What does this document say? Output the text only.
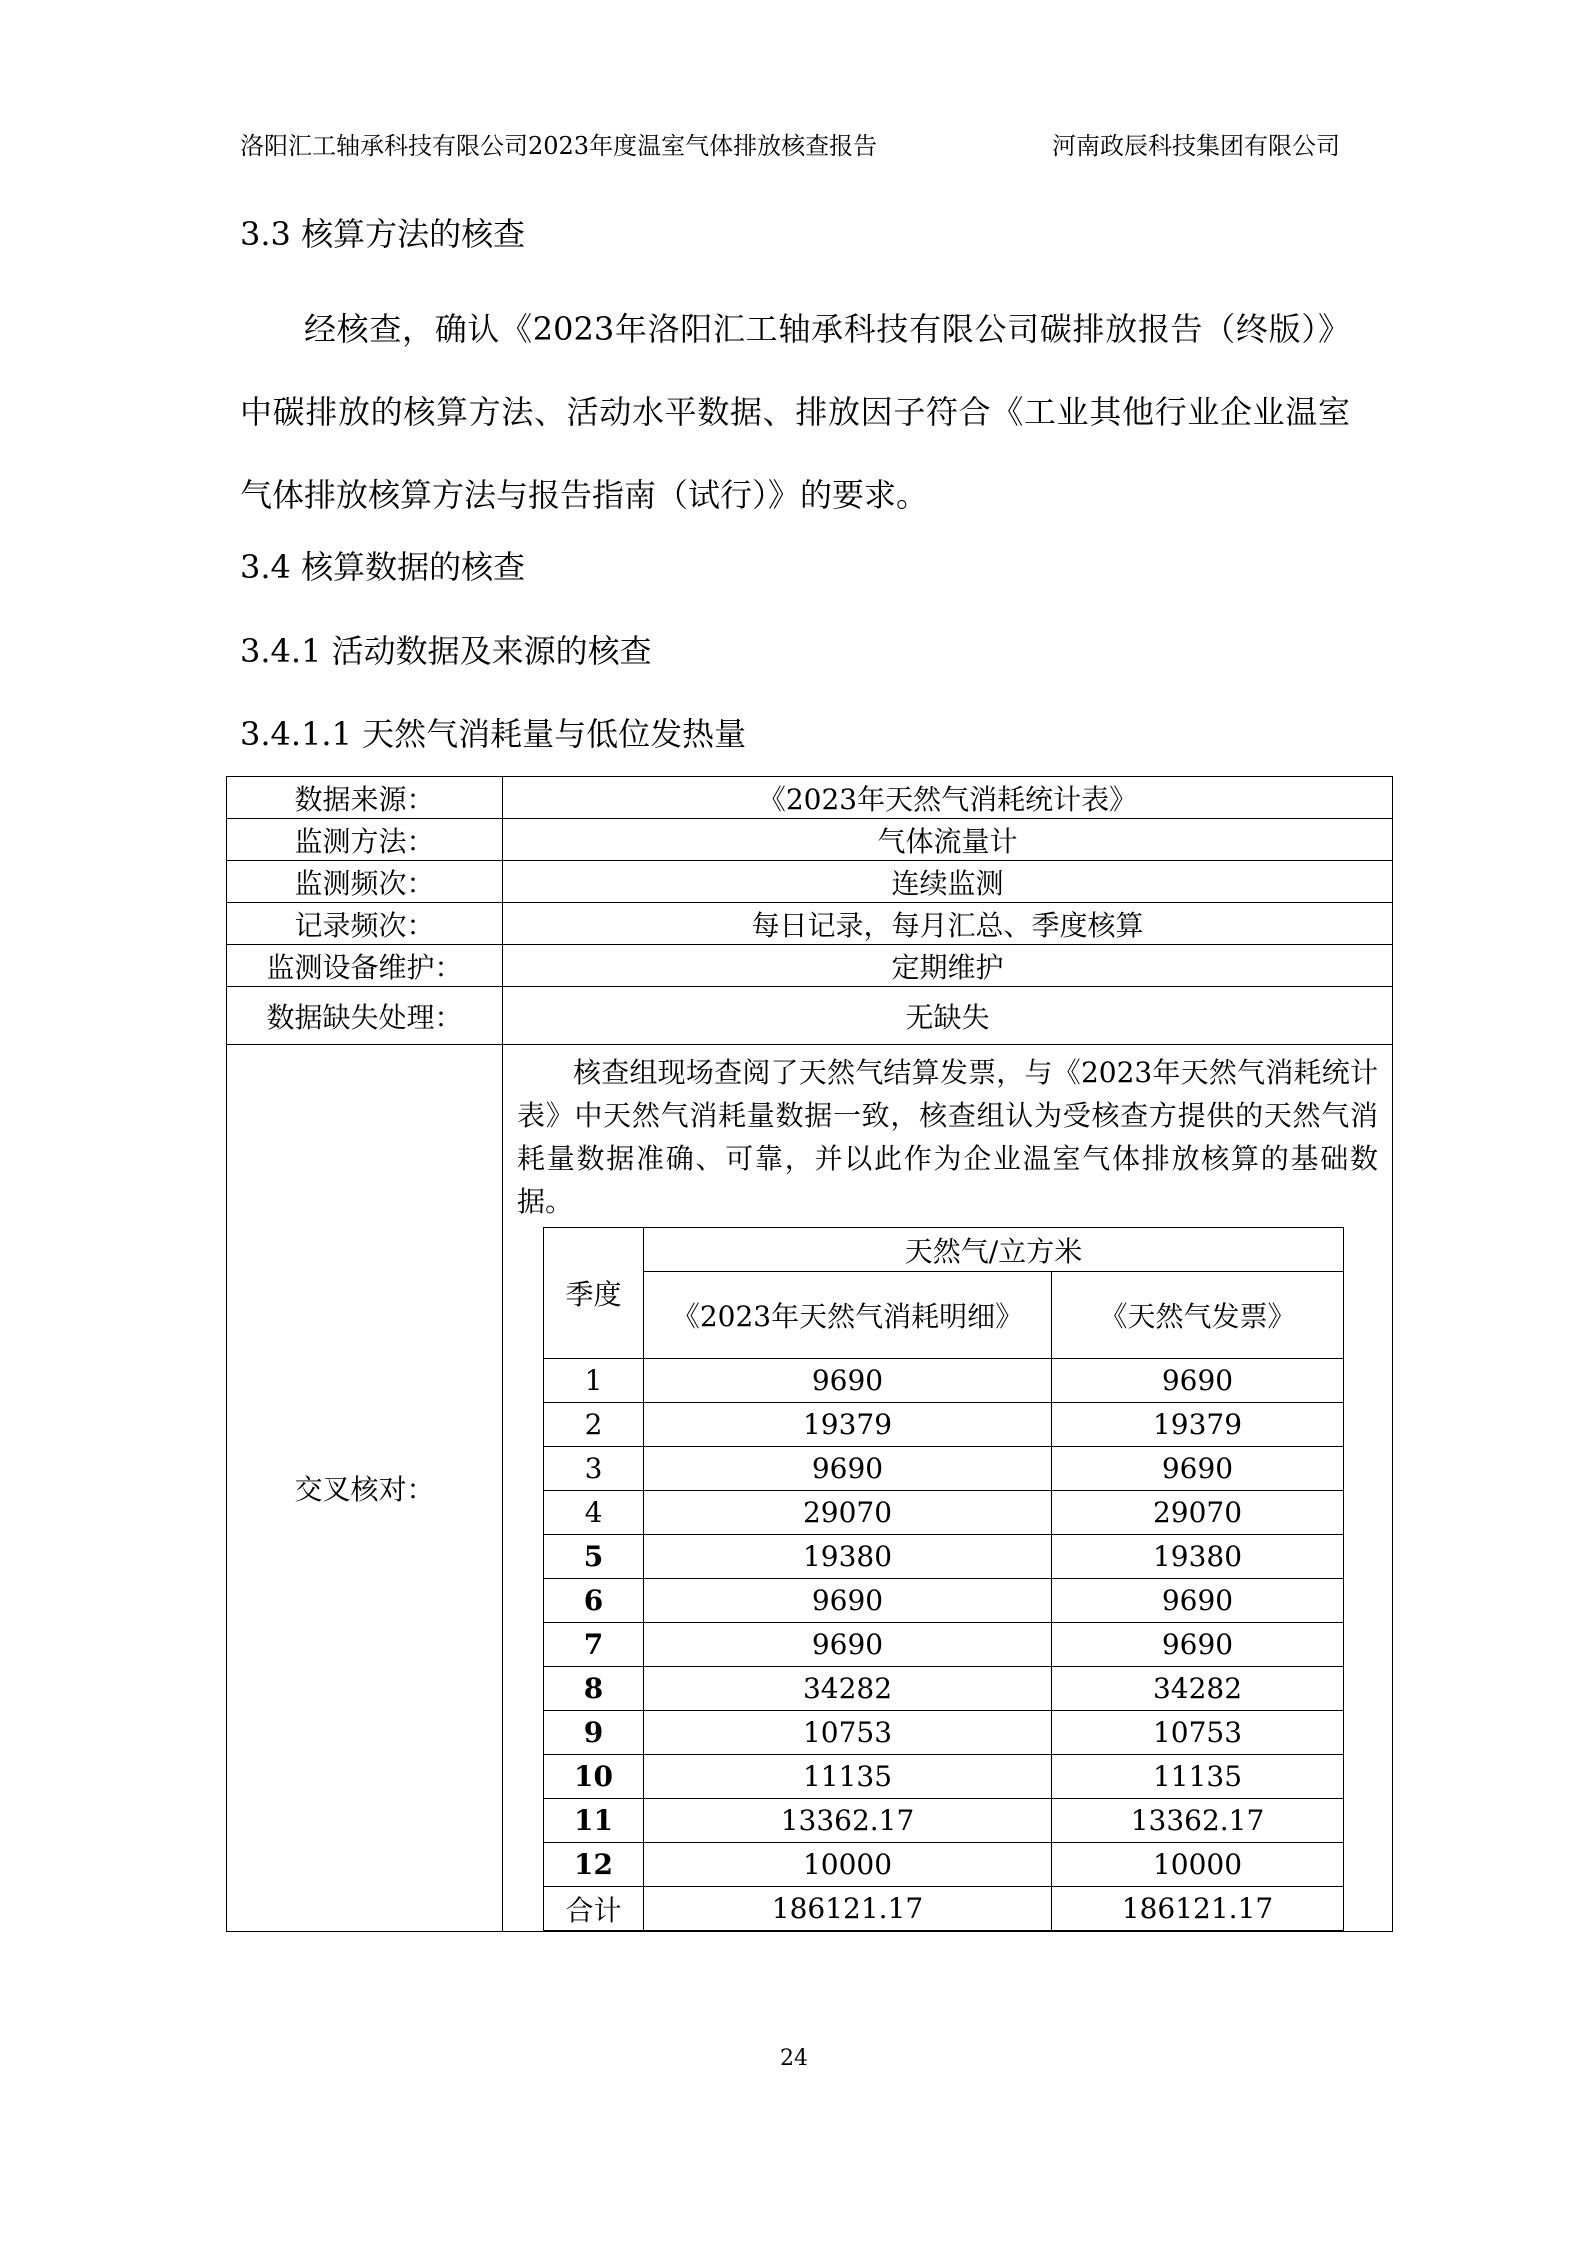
洛阳汇工轴承科技有限公司2023年度温室气体排放核查报告	河南政辰科技集团有限公司
3.3 核算方法的核查
经核查，确认《2023年洛阳汇工轴承科技有限公司碳排放报告（终版）》中碳排放的核算方法、活动水平数据、排放因子符合《工业其他行业企业温室气体排放核算方法与报告指南（试行）》的要求。
3.4 核算数据的核查
3.4.1 活动数据及来源的核查
3.4.1.1 天然气消耗量与低位发热量
数据来源：	《2023年天然气消耗统计表》
监测方法：	气体流量计
监测频次：	连续监测
记录频次：	每日记录，每月汇总、季度核算
监测设备维护：	定期维护
数据缺失处理：	无缺失
交叉核对：	
核查组现场查阅了天然气结算发票，与《2023年天然气消耗统计表》中天然气消耗量数据一致，核查组认为受核查方提供的天然气消耗量数据准确、可靠，并以此作为企业温室气体排放核算的基础数据。
季度	天然气/立方米
《2023年天然气消耗明细》	《天然气发票》
1	9690	9690
2	19379	19379
3	9690	9690
4	29070	29070
5	19380	19380
6	9690	9690
7	9690	9690
8	34282	34282
9	10753	10753
10	11135	11135
11	13362.17	13362.17
12	10000	10000
合计	186121.17	186121.17
24
